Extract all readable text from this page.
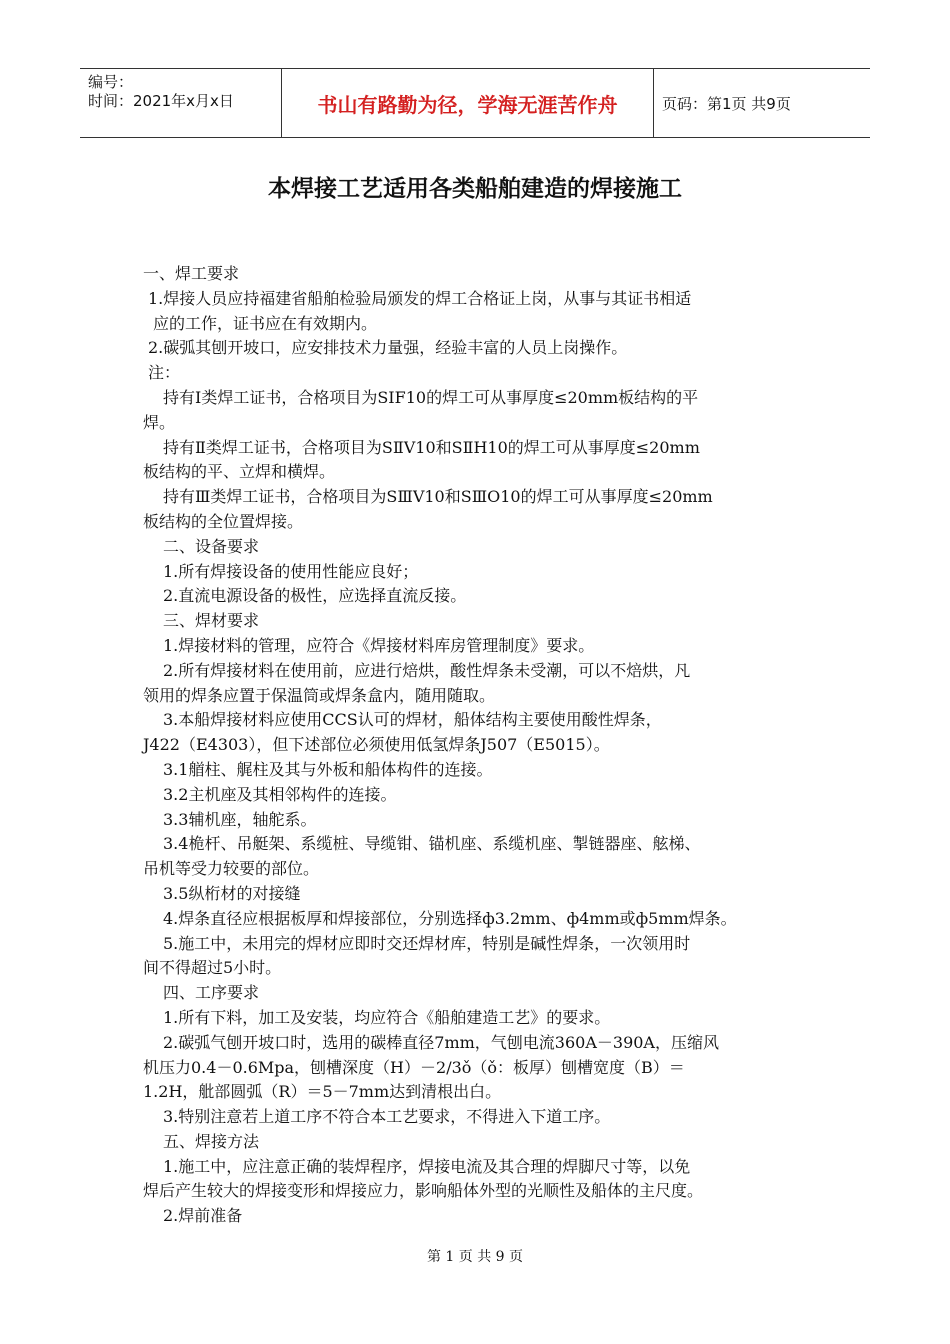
编号：
时间：2021年x月x日	书山有路勤为径，学海无涯苦作舟	页码：第1页 共9页
本焊接工艺适用各类船舶建造的焊接施工

一、焊工要求

1.焊接人员应持福建省船舶检验局颁发的焊工合格证上岗，从事与其证书相适

应的工作，证书应在有效期内。

2.碳弧其刨开坡口，应安排技术力量强，经验丰富的人员上岗操作。

注：

持有Ⅰ类焊工证书，合格项目为SⅠF10的焊工可从事厚度≤20mm板结构的平

焊。

持有Ⅱ类焊工证书，合格项目为SⅡV10和SⅡH10的焊工可从事厚度≤20mm

板结构的平、立焊和横焊。

持有Ⅲ类焊工证书，合格项目为SⅢV10和SⅢO10的焊工可从事厚度≤20mm

板结构的全位置焊接。

二、设备要求

1.所有焊接设备的使用性能应良好；

2.直流电源设备的极性，应选择直流反接。

三、焊材要求

1.焊接材料的管理，应符合《焊接材料库房管理制度》要求。

2.所有焊接材料在使用前，应进行焙烘，酸性焊条未受潮，可以不焙烘，凡

领用的焊条应置于保温筒或焊条盒内，随用随取。

3.本船焊接材料应使用CCS认可的焊材，船体结构主要使用酸性焊条，

J422（E4303），但下述部位必须使用低氢焊条J507（E5015）。

3.1艏柱、艉柱及其与外板和船体构件的连接。

3.2主机座及其相邻构件的连接。

3.3辅机座，轴舵系。

3.4桅杆、吊艇架、系缆桩、导缆钳、锚机座、系缆机座、掣链器座、舷梯、

吊机等受力较要的部位。

3.5纵桁材的对接缝

4.焊条直径应根据板厚和焊接部位，分别选择ф3.2mm、ф4mm或ф5mm焊条。

5.施工中，未用完的焊材应即时交还焊材库，特别是碱性焊条，一次领用时

间不得超过5小时。

四、工序要求

1.所有下料，加工及安装，均应符合《船舶建造工艺》的要求。

2.碳弧气刨开坡口时，选用的碳棒直径7mm，气刨电流360A－390A，压缩风

机压力0.4－0.6Mpa，刨槽深度（H）－2/3ǒ（ǒ：板厚）刨槽宽度（B）＝

1.2H，舭部圆弧（R）＝5－7mm达到清根出白。

3.特别注意若上道工序不符合本工艺要求，不得进入下道工序。

五、焊接方法

1.施工中，应注意正确的装焊程序，焊接电流及其合理的焊脚尺寸等，以免

焊后产生较大的焊接变形和焊接应力，影响船体外型的光顺性及船体的主尺度。

2.焊前准备

第 1 页 共 9 页
